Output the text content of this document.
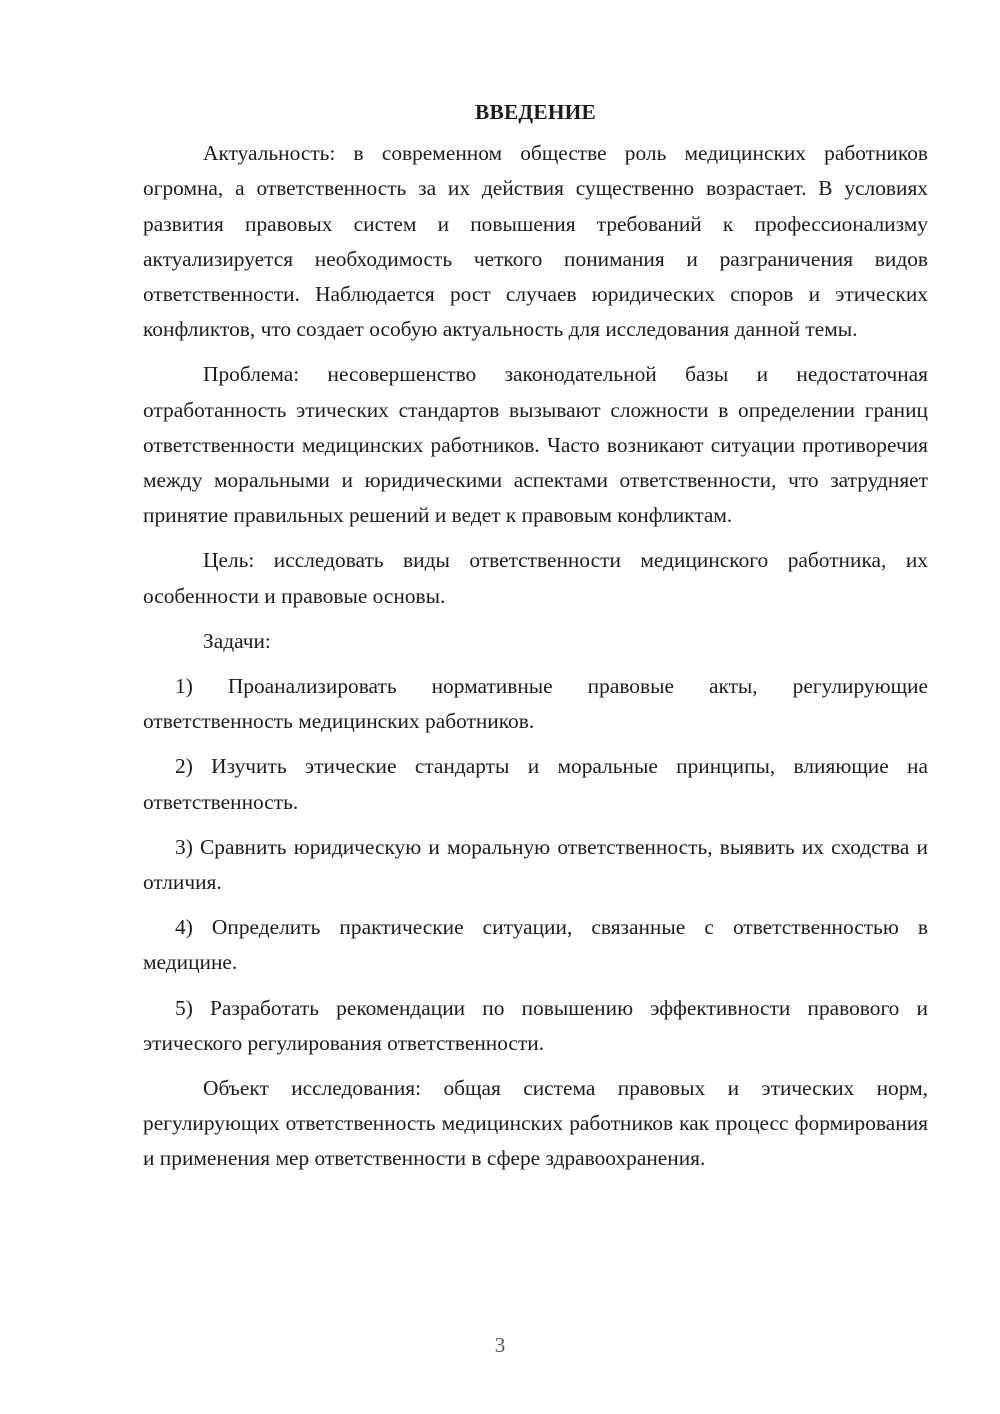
ВВЕДЕНИЕ

Актуальность: в современном обществе роль медицинских работников огромна, а ответственность за их действия существенно возрастает. В условиях развития правовых систем и повышения требований к профессионализму актуализируется необходимость четкого понимания и разграничения видов ответственности. Наблюдается рост случаев юридических споров и этических конфликтов, что создает особую актуальность для исследования данной темы.

Проблема: несовершенство законодательной базы и недостаточная отработанность этических стандартов вызывают сложности в определении границ ответственности медицинских работников. Часто возникают ситуации противоречия между моральными и юридическими аспектами ответственности, что затрудняет принятие правильных решений и ведет к правовым конфликтам.

Цель: исследовать виды ответственности медицинского работника, их особенности и правовые основы.

Задачи:

1) Проанализировать нормативные правовые акты, регулирующие ответственность медицинских работников.

2) Изучить этические стандарты и моральные принципы, влияющие на ответственность.

3) Сравнить юридическую и моральную ответственность, выявить их сходства и отличия.

4) Определить практические ситуации, связанные с ответственностью в медицине.

5) Разработать рекомендации по повышению эффективности правового и этического регулирования ответственности.

Объект исследования: общая система правовых и этических норм, регулирующих ответственность медицинских работников как процесс формирования и применения мер ответственности в сфере здравоохранения.

3
